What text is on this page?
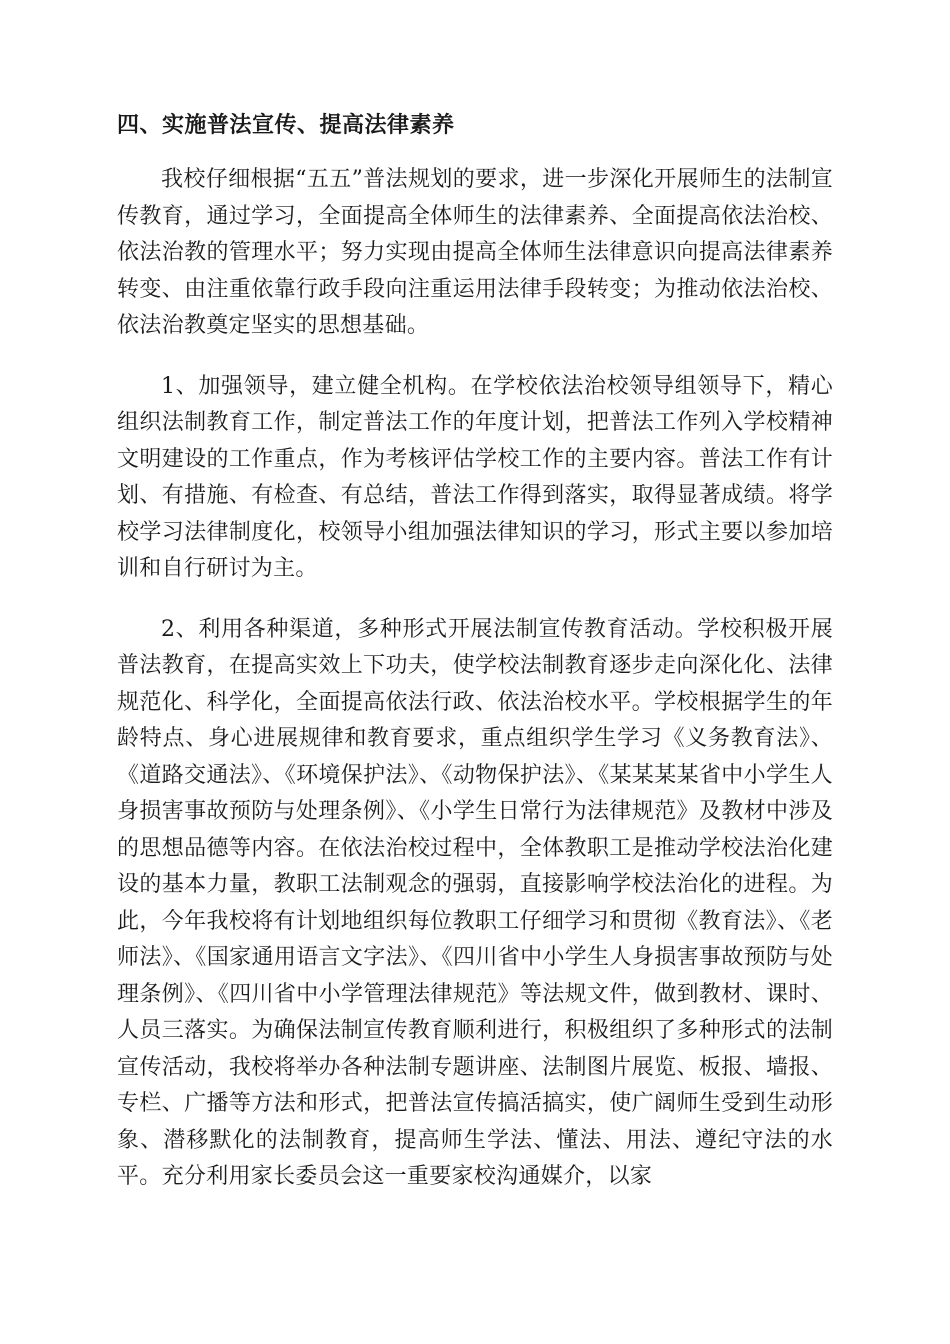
四、实施普法宣传、提高法律素养

我校仔细根据“五五”普法规划的要求，进一步深化开展师生的法制宣传教育，通过学习，全面提高全体师生的法律素养、全面提高依法治校、依法治教的管理水平；努力实现由提高全体师生法律意识向提高法律素养转变、由注重依靠行政手段向注重运用法律手段转变；为推动依法治校、依法治教奠定坚实的思想基础。

1、加强领导，建立健全机构。在学校依法治校领导组领导下，精心组织法制教育工作，制定普法工作的年度计划，把普法工作列入学校精神文明建设的工作重点，作为考核评估学校工作的主要内容。普法工作有计划、有措施、有检查、有总结，普法工作得到落实，取得显著成绩。将学校学习法律制度化，校领导小组加强法律知识的学习，形式主要以参加培训和自行研讨为主。

2、利用各种渠道，多种形式开展法制宣传教育活动。学校积极开展普法教育，在提高实效上下功夫，使学校法制教育逐步走向深化化、法律规范化、科学化，全面提高依法行政、依法治校水平。学校根据学生的年龄特点、身心进展规律和教育要求，重点组织学生学习《义务教育法》、《道路交通法》、《环境保护法》、《动物保护法》、《某某某某省中小学生人身损害事故预防与处理条例》、《小学生日常行为法律规范》及教材中涉及的思想品德等内容。在依法治校过程中，全体教职工是推动学校法治化建设的基本力量，教职工法制观念的强弱，直接影响学校法治化的进程。为此，今年我校将有计划地组织每位教职工仔细学习和贯彻《教育法》、《老师法》、《国家通用语言文字法》、《四川省中小学生人身损害事故预防与处理条例》、《四川省中小学管理法律规范》等法规文件，做到教材、课时、人员三落实。为确保法制宣传教育顺利进行，积极组织了多种形式的法制宣传活动，我校将举办各种法制专题讲座、法制图片展览、板报、墙报、专栏、广播等方法和形式，把普法宣传搞活搞实，使广阔师生受到生动形象、潜移默化的法制教育，提高师生学法、懂法、用法、遵纪守法的水平。充分利用家长委员会这一重要家校沟通媒介，以家
